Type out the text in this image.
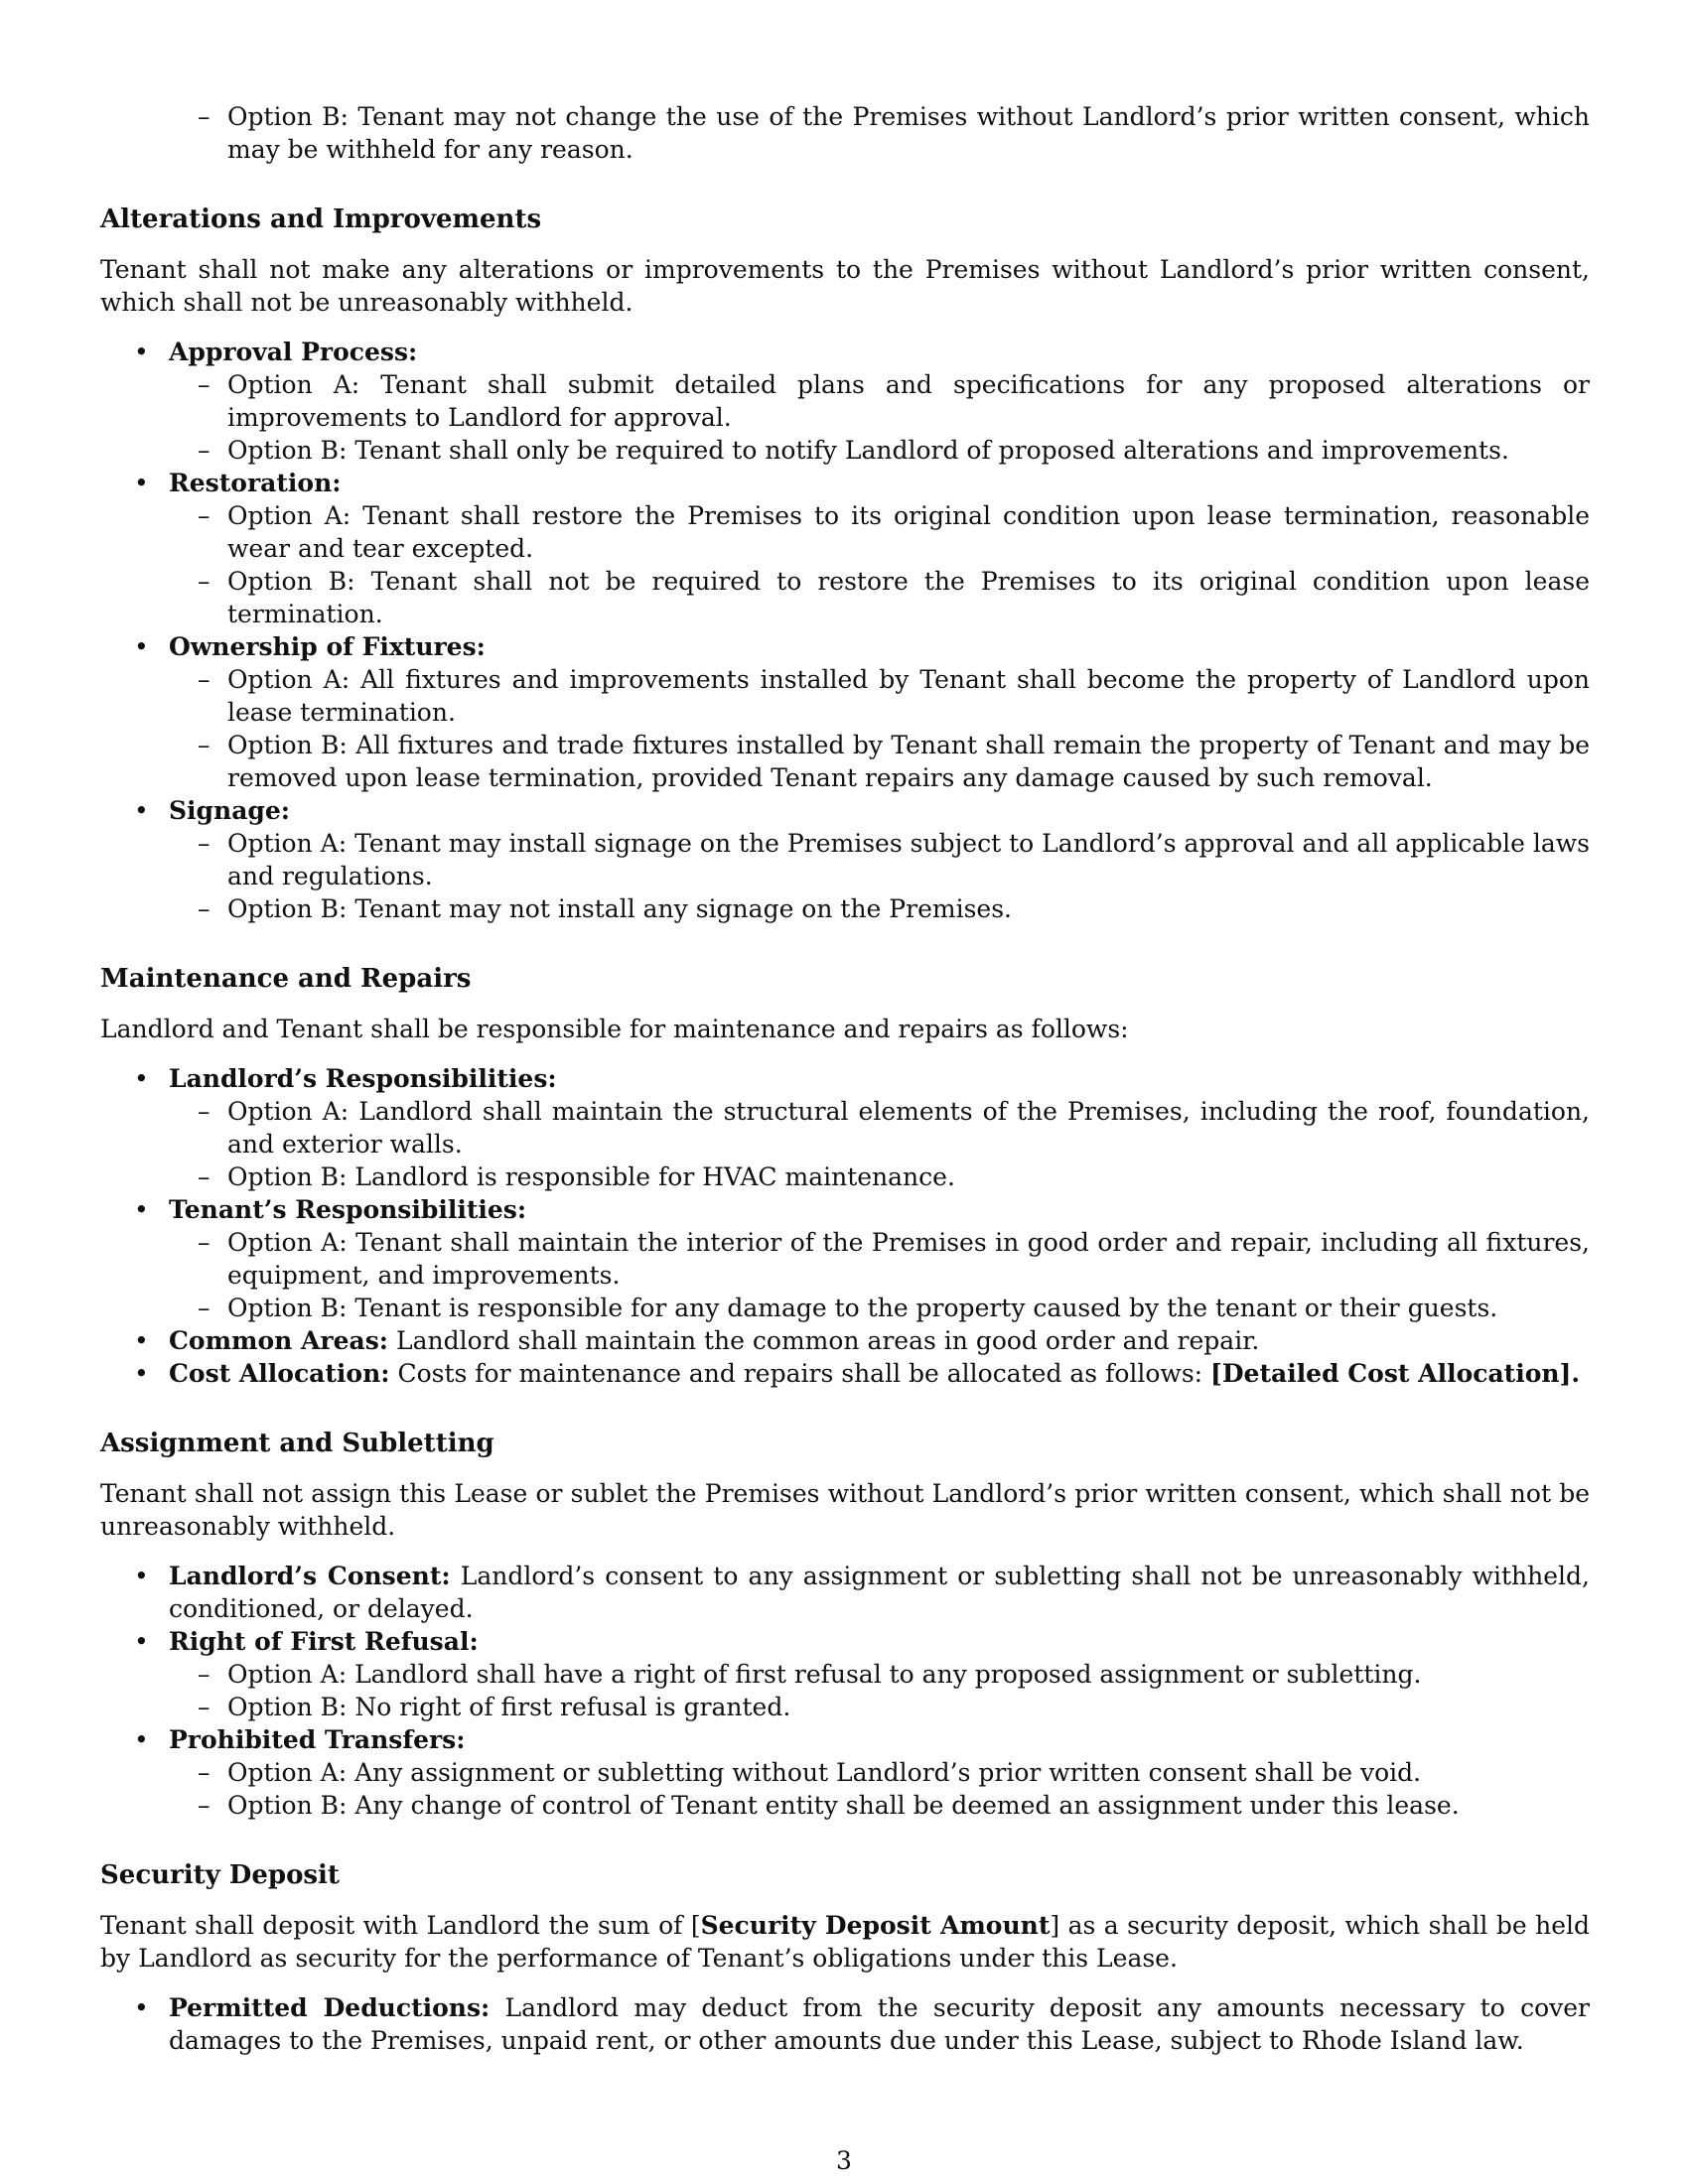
– Option B: Tenant may not change the use of the Premises without Landlord’s prior written consent, which may be withheld for any reason.
Alterations and Improvements

Tenant shall not make any alterations or improvements to the Premises without Landlord’s prior written consent, which shall not be unreasonably withheld.

• Approval Process:
– Option A: Tenant shall submit detailed plans and specifications for any proposed alterations or improvements to Landlord for approval.
– Option B: Tenant shall only be required to notify Landlord of proposed alterations and improvements.
• Restoration:
– Option A: Tenant shall restore the Premises to its original condition upon lease termination, reasonable wear and tear excepted.
– Option B: Tenant shall not be required to restore the Premises to its original condition upon lease termination.
• Ownership of Fixtures:
– Option A: All fixtures and improvements installed by Tenant shall become the property of Landlord upon lease termination.
– Option B: All fixtures and trade fixtures installed by Tenant shall remain the property of Tenant and may be removed upon lease termination, provided Tenant repairs any damage caused by such removal.
• Signage:
– Option A: Tenant may install signage on the Premises subject to Landlord’s approval and all applicable laws and regulations.
– Option B: Tenant may not install any signage on the Premises.
Maintenance and Repairs

Landlord and Tenant shall be responsible for maintenance and repairs as follows:

• Landlord’s Responsibilities:
– Option A: Landlord shall maintain the structural elements of the Premises, including the roof, foundation, and exterior walls.
– Option B: Landlord is responsible for HVAC maintenance.
• Tenant’s Responsibilities:
– Option A: Tenant shall maintain the interior of the Premises in good order and repair, including all fixtures, equipment, and improvements.
– Option B: Tenant is responsible for any damage to the property caused by the tenant or their guests.
• Common Areas: Landlord shall maintain the common areas in good order and repair.
• Cost Allocation: Costs for maintenance and repairs shall be allocated as follows: [Detailed Cost Allocation].
Assignment and Subletting

Tenant shall not assign this Lease or sublet the Premises without Landlord’s prior written consent, which shall not be unreasonably withheld.

• Landlord’s Consent: Landlord’s consent to any assignment or subletting shall not be unreasonably withheld, conditioned, or delayed.
• Right of First Refusal:
– Option A: Landlord shall have a right of first refusal to any proposed assignment or subletting.
– Option B: No right of first refusal is granted.
• Prohibited Transfers:
– Option A: Any assignment or subletting without Landlord’s prior written consent shall be void.
– Option B: Any change of control of Tenant entity shall be deemed an assignment under this lease.
Security Deposit

Tenant shall deposit with Landlord the sum of [Security Deposit Amount] as a security deposit, which shall be held by Landlord as security for the performance of Tenant’s obligations under this Lease.

• Permitted Deductions: Landlord may deduct from the security deposit any amounts necessary to cover damages to the Premises, unpaid rent, or other amounts due under this Lease, subject to Rhode Island law.
3
